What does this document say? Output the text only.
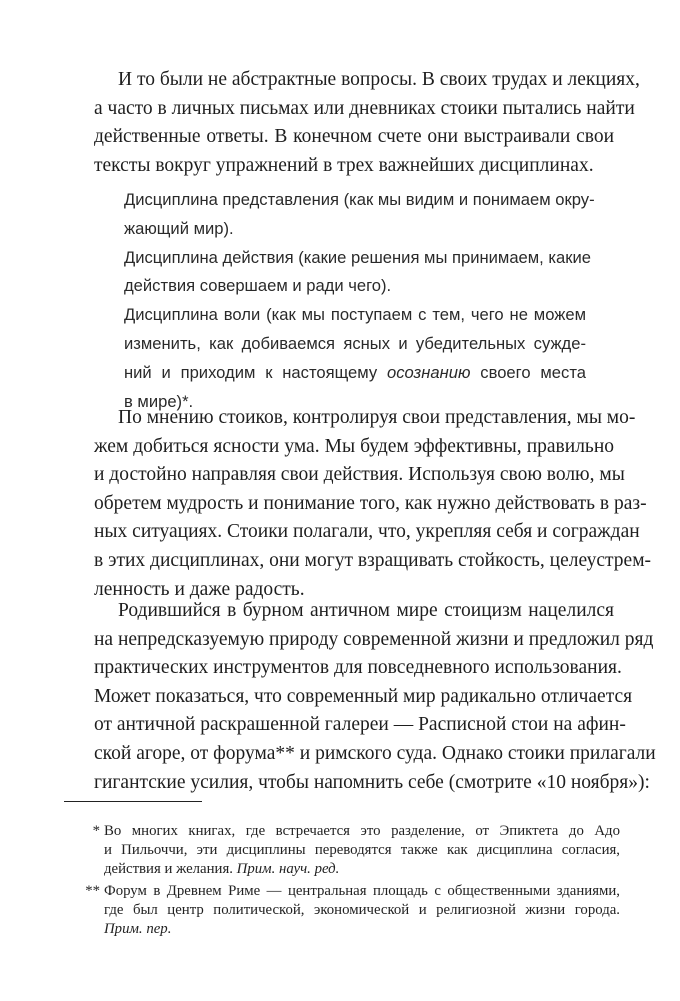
И то были не абстрактные вопросы. В своих трудах и лекциях,
а часто в личных письмах или дневниках стоики пытались найти
действенные ответы. В конечном счете они выстраивали свои
тексты вокруг упражнений в трех важнейших дисциплинах.
Дисциплина представления (как мы видим и понимаем окру-
жающий мир).
Дисциплина действия (какие решения мы принимаем, какие
действия совершаем и ради чего).
Дисциплина воли (как мы поступаем с тем, чего не можем
изменить, как добиваемся ясных и убедительных сужде-
ний и приходим к настоящему осознанию своего места
в мире)*.
По мнению стоиков, контролируя свои представления, мы мо-
жем добиться ясности ума. Мы будем эффективны, правильно
и достойно направляя свои действия. Используя свою волю, мы
обретем мудрость и понимание того, как нужно действовать в раз-
ных ситуациях. Стоики полагали, что, укрепляя себя и сограждан
в этих дисциплинах, они могут взращивать стойкость, целеустрем-
ленность и даже радость.
Родившийся в бурном античном мире стоицизм нацелился
на непредсказуемую природу современной жизни и предложил ряд
практических инструментов для повседневного использования.
Может показаться, что современный мир радикально отличается
от античной раскрашенной галереи — Расписной стои на афин-
ской агоре, от форума** и римского суда. Однако стоики прилагали
гигантские усилия, чтобы напомнить себе (смотрите «10 ноября»):
* Во многих книгах, где встречается это разделение, от Эпиктета до Адо
и Пильоччи, эти дисциплины переводятся также как дисциплина согласия,
действия и желания. Прим. науч. ред.
** Форум в Древнем Риме — центральная площадь с общественными зданиями,
где был центр политической, экономической и религиозной жизни города.
Прим. пер.
